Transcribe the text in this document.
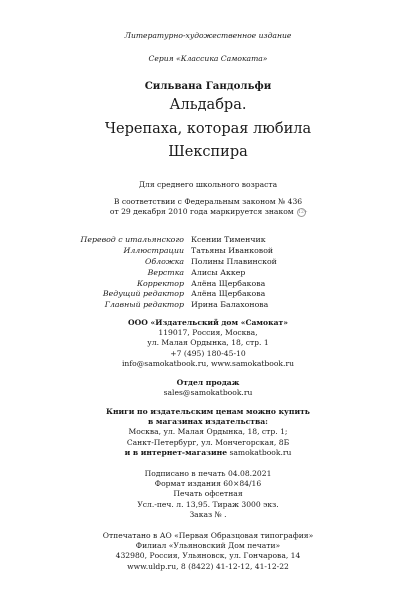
Литературно-художественное издание
Серия «Классика Самоката»
Сильвана Гандольфи
Альдабра.
Черепаха, которая любила
Шекспира
Для среднего школьного возраста
В соответствии с Федеральным законом № 436
от 29 декабря 2010 года маркируется знаком 12+
Перевод с итальянского Ксении Тименчик
Иллюстрации Татьяны Иванковой
Обложка Полины Плавинской
Верстка Алисы Аккер
Корректор Алёна Щербакова
Ведущий редактор Алёна Щербакова
Главный редактор Ирина Балахонова
ООО «Издательский дом «Самокат»
119017, Россия, Москва,
ул. Малая Ордынка, 18, стр. 1
+7 (495) 180-45-10
info@samokatbook.ru, www.samokatbook.ru
Отдел продаж
sales@samokatbook.ru
Книги по издательским ценам можно купить
в магазинах издательства:
Москва, ул. Малая Ордынка, 18, стр. 1;
Санкт-Петербург, ул. Мончегорская, 8Б
и в интернет-магазине samokatbook.ru
Подписано в печать 04.08.2021
Формат издания 60×84/16
Печать офсетная
Усл.-печ. л. 13,95. Тираж 3000 экз.
Заказ № .
Отпечатано в АО «Первая Образцовая типография»
Филиал «Ульяновский Дом печати»
432980, Россия, Ульяновск, ул. Гончарова, 14
www.uldp.ru, 8 (8422) 41-12-12, 41-12-22
